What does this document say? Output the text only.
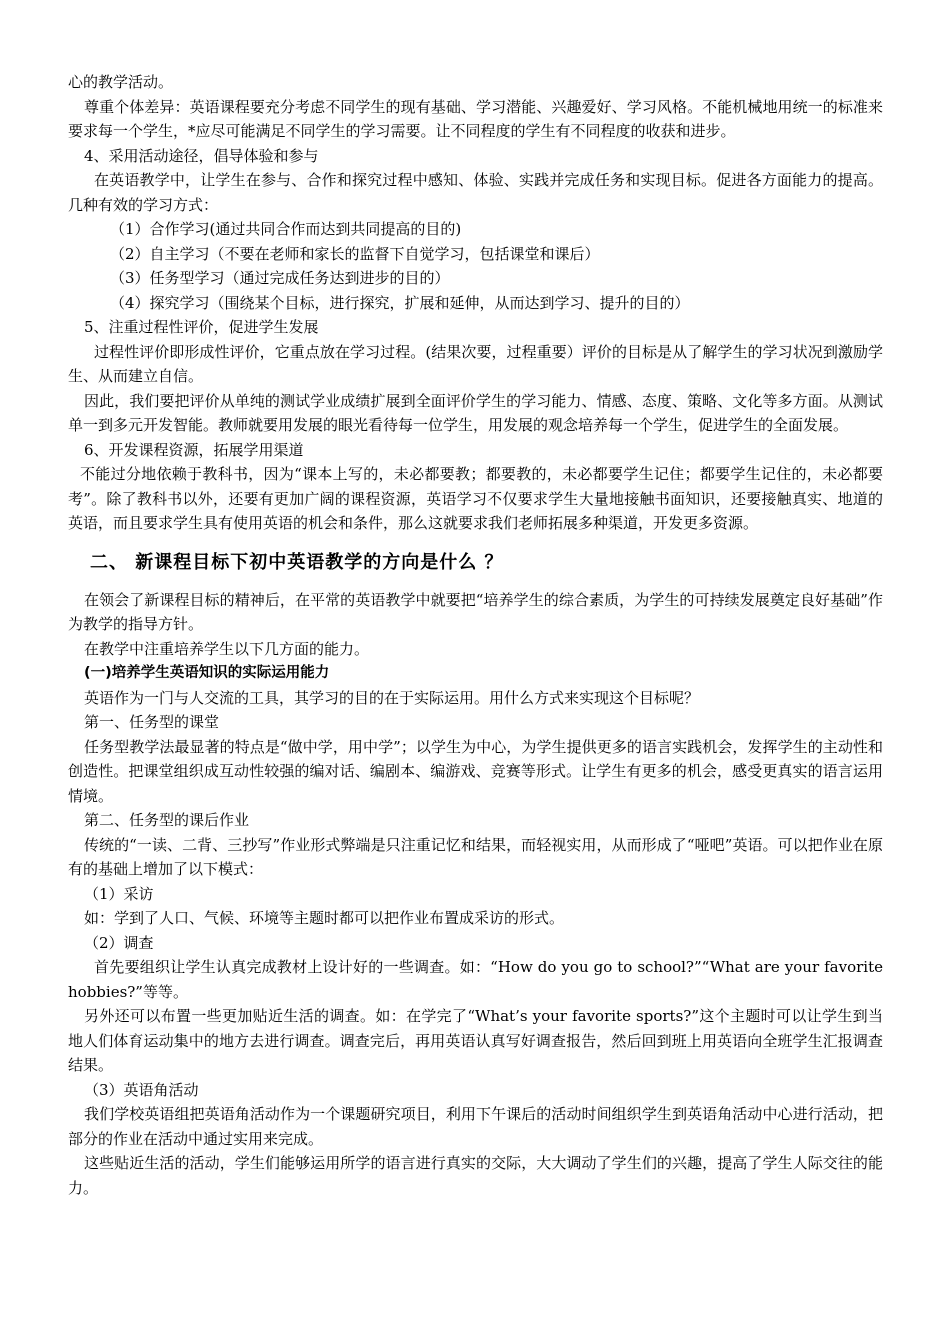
心的教学活动。

尊重个体差异：英语课程要充分考虑不同学生的现有基础、学习潜能、兴趣爱好、学习风格。不能机械地用统一的标准来要求每一个学生，*应尽可能满足不同学生的学习需要。让不同程度的学生有不同程度的收获和进步。

4、采用活动途径，倡导体验和参与

在英语教学中，让学生在参与、合作和探究过程中感知、体验、实践并完成任务和实现目标。促进各方面能力的提高。几种有效的学习方式：

（1）合作学习(通过共同合作而达到共同提高的目的)

（2）自主学习（不要在老师和家长的监督下自觉学习，包括课堂和课后）

（3）任务型学习（通过完成任务达到进步的目的）

（4）探究学习（围绕某个目标，进行探究，扩展和延伸，从而达到学习、提升的目的）

5、注重过程性评价，促进学生发展

过程性评价即形成性评价，它重点放在学习过程。(结果次要，过程重要）评价的目标是从了解学生的学习状况到激励学生、从而建立自信。

因此，我们要把评价从单纯的测试学业成绩扩展到全面评价学生的学习能力、情感、态度、策略、文化等多方面。从测试单一到多元开发智能。教师就要用发展的眼光看待每一位学生，用发展的观念培养每一个学生，促进学生的全面发展。

6、开发课程资源，拓展学用渠道

不能过分地依赖于教科书，因为“课本上写的，未必都要教；都要教的，未必都要学生记住；都要学生记住的，未必都要考”。除了教科书以外，还要有更加广阔的课程资源，英语学习不仅要求学生大量地接触书面知识，还要接触真实、地道的英语，而且要求学生具有使用英语的机会和条件，那么这就要求我们老师拓展多种渠道，开发更多资源。

二、 新课程目标下初中英语教学的方向是什么 ？

在领会了新课程目标的精神后，在平常的英语教学中就要把“培养学生的综合素质，为学生的可持续发展奠定良好基础”作为教学的指导方针。

在教学中注重培养学生以下几方面的能力。

(一)培养学生英语知识的实际运用能力

英语作为一门与人交流的工具，其学习的目的在于实际运用。用什么方式来实现这个目标呢？

第一、任务型的课堂

任务型教学法最显著的特点是“做中学，用中学”；以学生为中心，为学生提供更多的语言实践机会，发挥学生的主动性和创造性。把课堂组织成互动性较强的编对话、编剧本、编游戏、竞赛等形式。让学生有更多的机会，感受更真实的语言运用情境。

第二、任务型的课后作业

传统的“一读、二背、三抄写”作业形式弊端是只注重记忆和结果，而轻视实用，从而形成了“哑吧”英语。可以把作业在原有的基础上增加了以下模式：

（1）采访

如：学到了人口、气候、环境等主题时都可以把作业布置成采访的形式。

（2）调查

首先要组织让学生认真完成教材上设计好的一些调查。如：“How do you go to school?”“What are your favorite hobbies?”等等。

另外还可以布置一些更加贴近生活的调查。如：在学完了“What’s your favorite sports?”这个主题时可以让学生到当地人们体育运动集中的地方去进行调查。调查完后，再用英语认真写好调查报告，然后回到班上用英语向全班学生汇报调查结果。

（3）英语角活动

我们学校英语组把英语角活动作为一个课题研究项目，利用下午课后的活动时间组织学生到英语角活动中心进行活动，把部分的作业在活动中通过实用来完成。

这些贴近生活的活动，学生们能够运用所学的语言进行真实的交际，大大调动了学生们的兴趣，提高了学生人际交往的能力。
